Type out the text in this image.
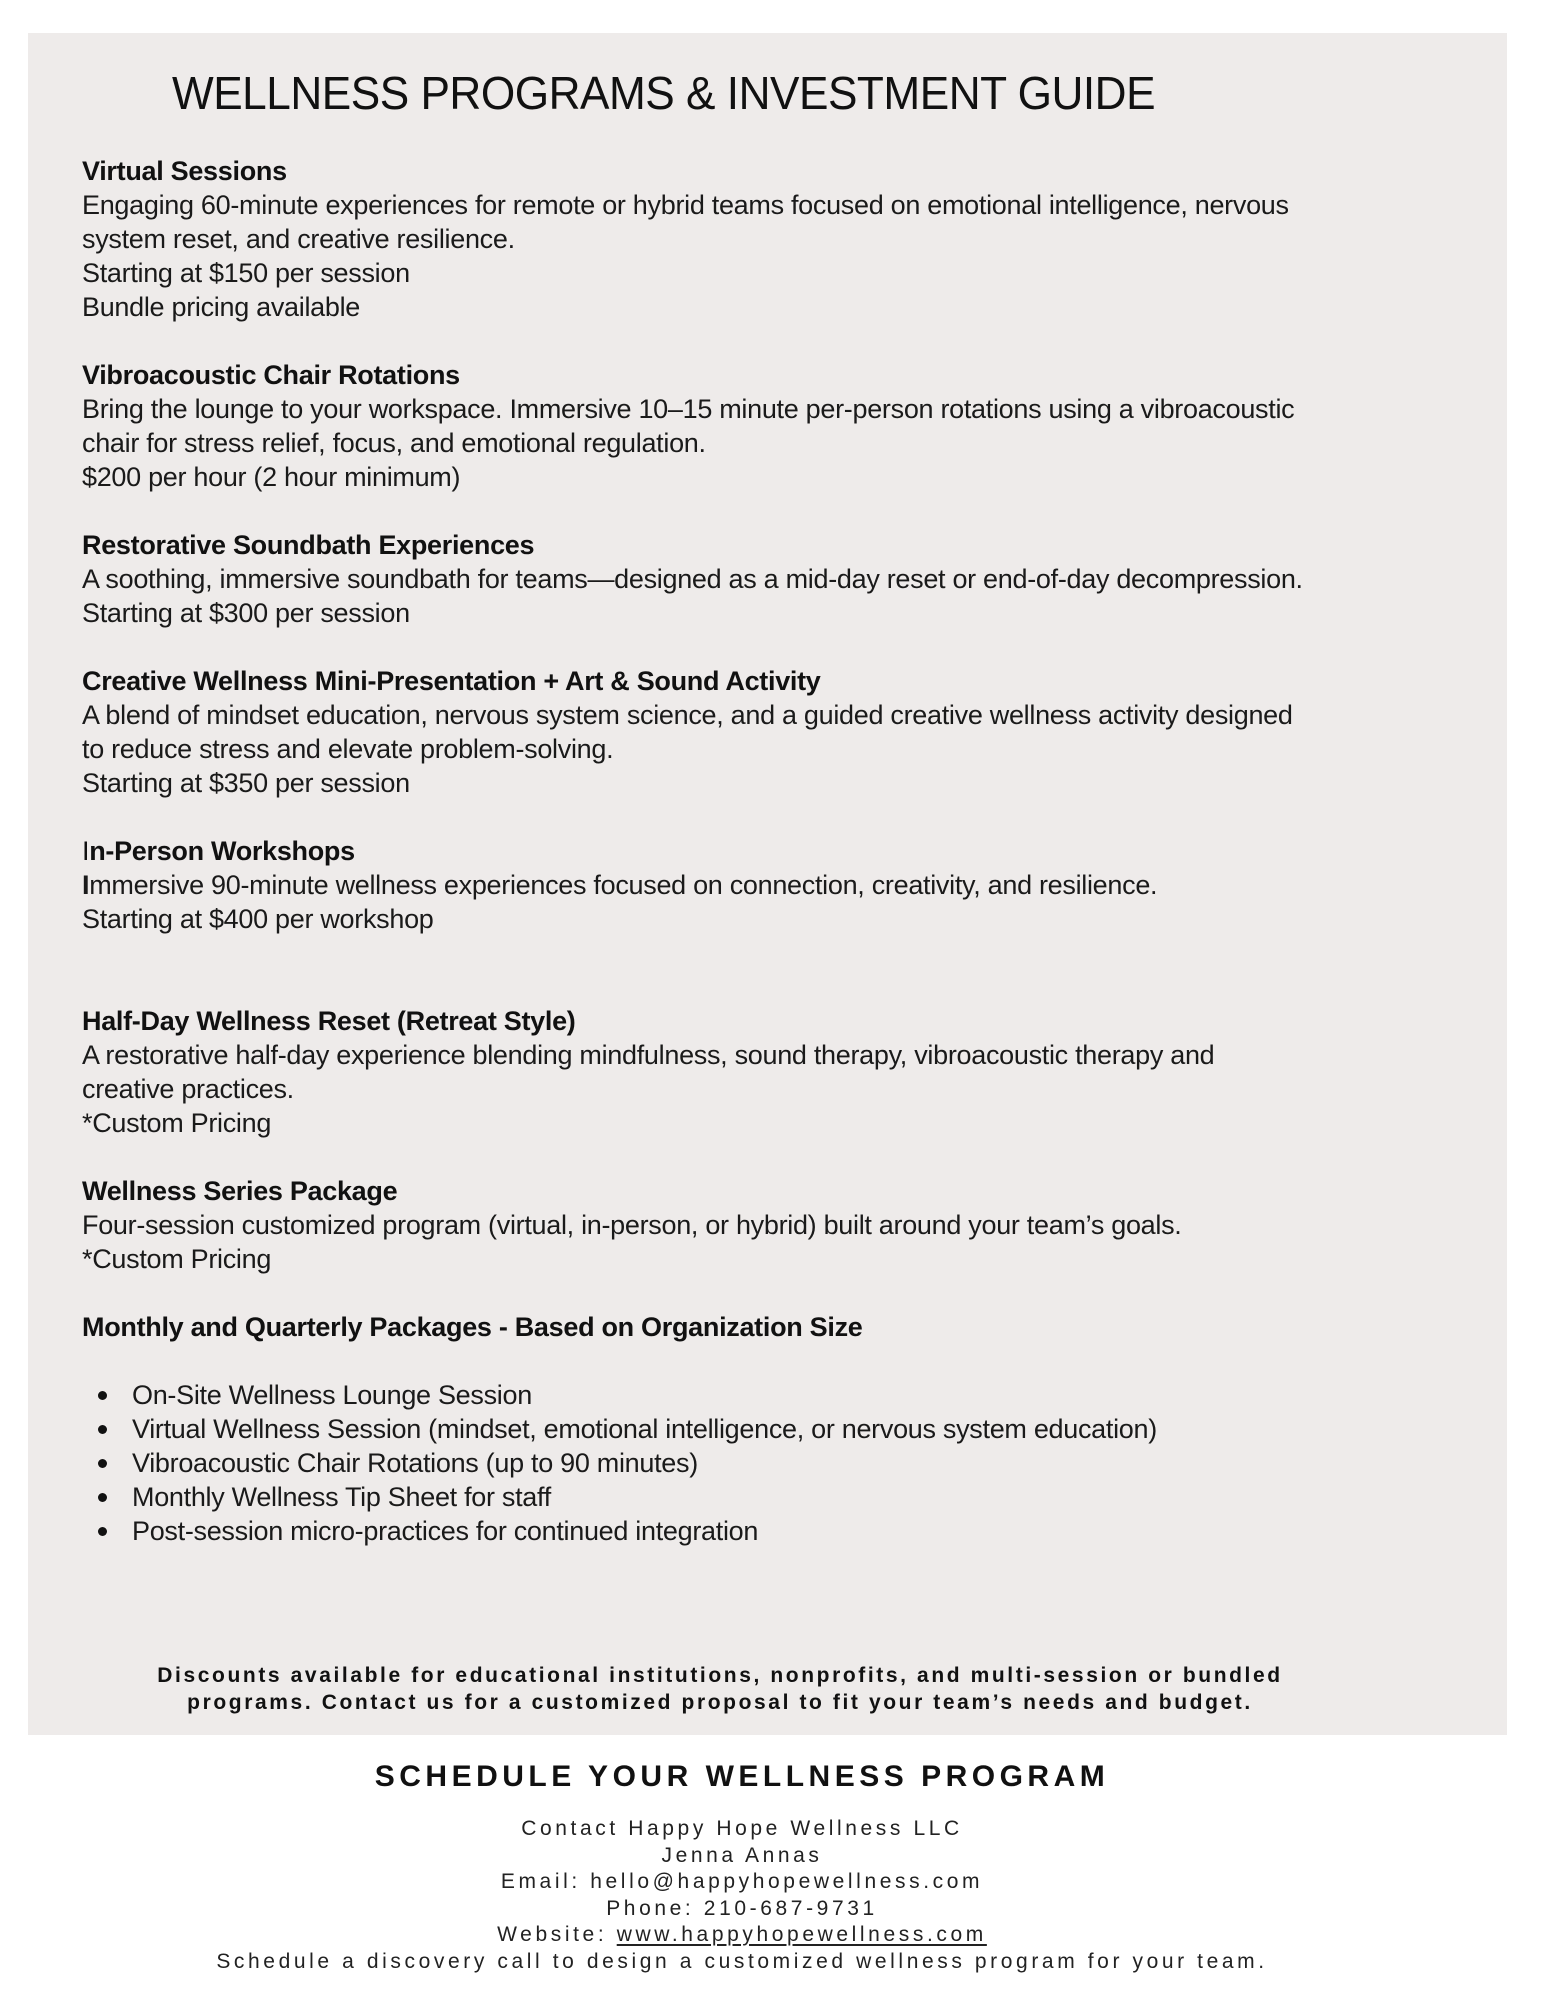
WELLNESS PROGRAMS & INVESTMENT GUIDE
Virtual Sessions
Engaging 60-minute experiences for remote or hybrid teams focused on emotional intelligence, nervous
system reset, and creative resilience.
Starting at $150 per session
Bundle pricing available
Vibroacoustic Chair Rotations
Bring the lounge to your workspace. Immersive 10–15 minute per-person rotations using a vibroacoustic
chair for stress relief, focus, and emotional regulation.
$200 per hour (2 hour minimum)
Restorative Soundbath Experiences
A soothing, immersive soundbath for teams—designed as a mid-day reset or end-of-day decompression.
Starting at $300 per session
Creative Wellness Mini-Presentation + Art & Sound Activity
A blend of mindset education, nervous system science, and a guided creative wellness activity designed
to reduce stress and elevate problem-solving.
Starting at $350 per session
In-Person Workshops
Immersive 90-minute wellness experiences focused on connection, creativity, and resilience.
Starting at $400 per workshop
Half-Day Wellness Reset (Retreat Style)
A restorative half-day experience blending mindfulness, sound therapy, vibroacoustic therapy and
creative practices.
*Custom Pricing
Wellness Series Package
Four-session customized program (virtual, in-person, or hybrid) built around your team’s goals.
*Custom Pricing
Monthly and Quarterly Packages - Based on Organization Size
On-Site Wellness Lounge Session
Virtual Wellness Session (mindset, emotional intelligence, or nervous system education)
Vibroacoustic Chair Rotations (up to 90 minutes)
Monthly Wellness Tip Sheet for staff
Post-session micro-practices for continued integration
Discounts available for educational institutions, nonprofits, and multi-session or bundled programs. Contact us for a customized proposal to fit your team’s needs and budget.
SCHEDULE YOUR WELLNESS PROGRAM
Contact Happy Hope Wellness LLC
Jenna Annas
Email: hello@happyhopewellness.com
Phone: 210-687-9731
Website: www.happyhopewellness.com
Schedule a discovery call to design a customized wellness program for your team.
